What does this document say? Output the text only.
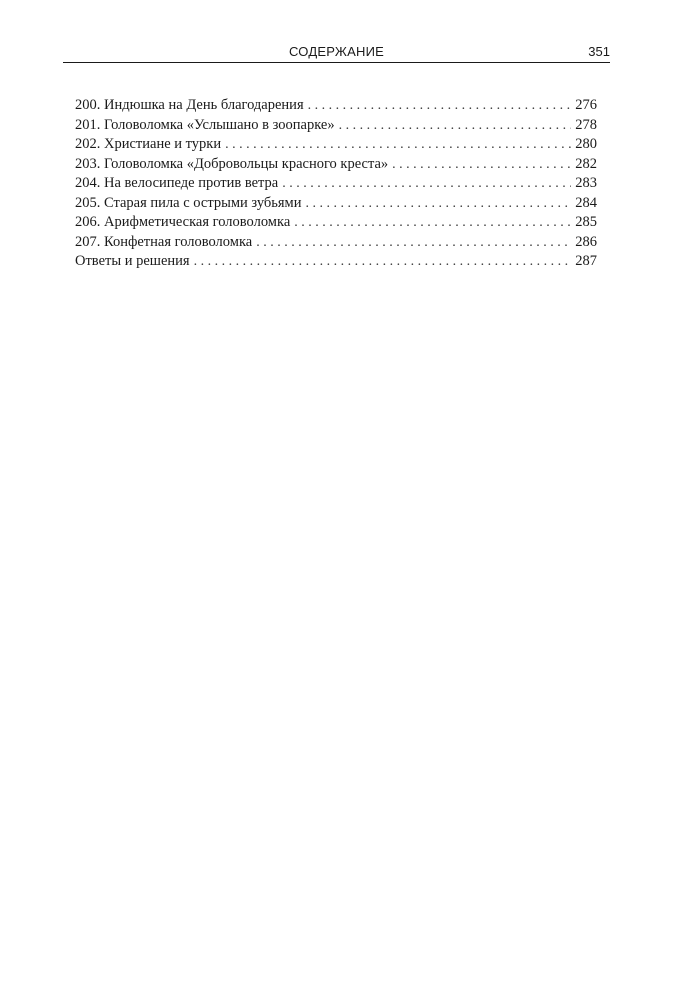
СОДЕРЖАНИЕ	351
200. Индюшка на День благодарения . . .	276
201. Головоломка «Услышано в зоопарке» . . .	278
202. Христиане и турки . . .	280
203. Головоломка «Добровольцы красного креста» . . .	282
204. На велосипеде против ветра . . .	283
205. Старая пила с острыми зубьями . . .	284
206. Арифметическая головоломка . . .	285
207. Конфетная головоломка . . .	286
Ответы и решения . . .	287
